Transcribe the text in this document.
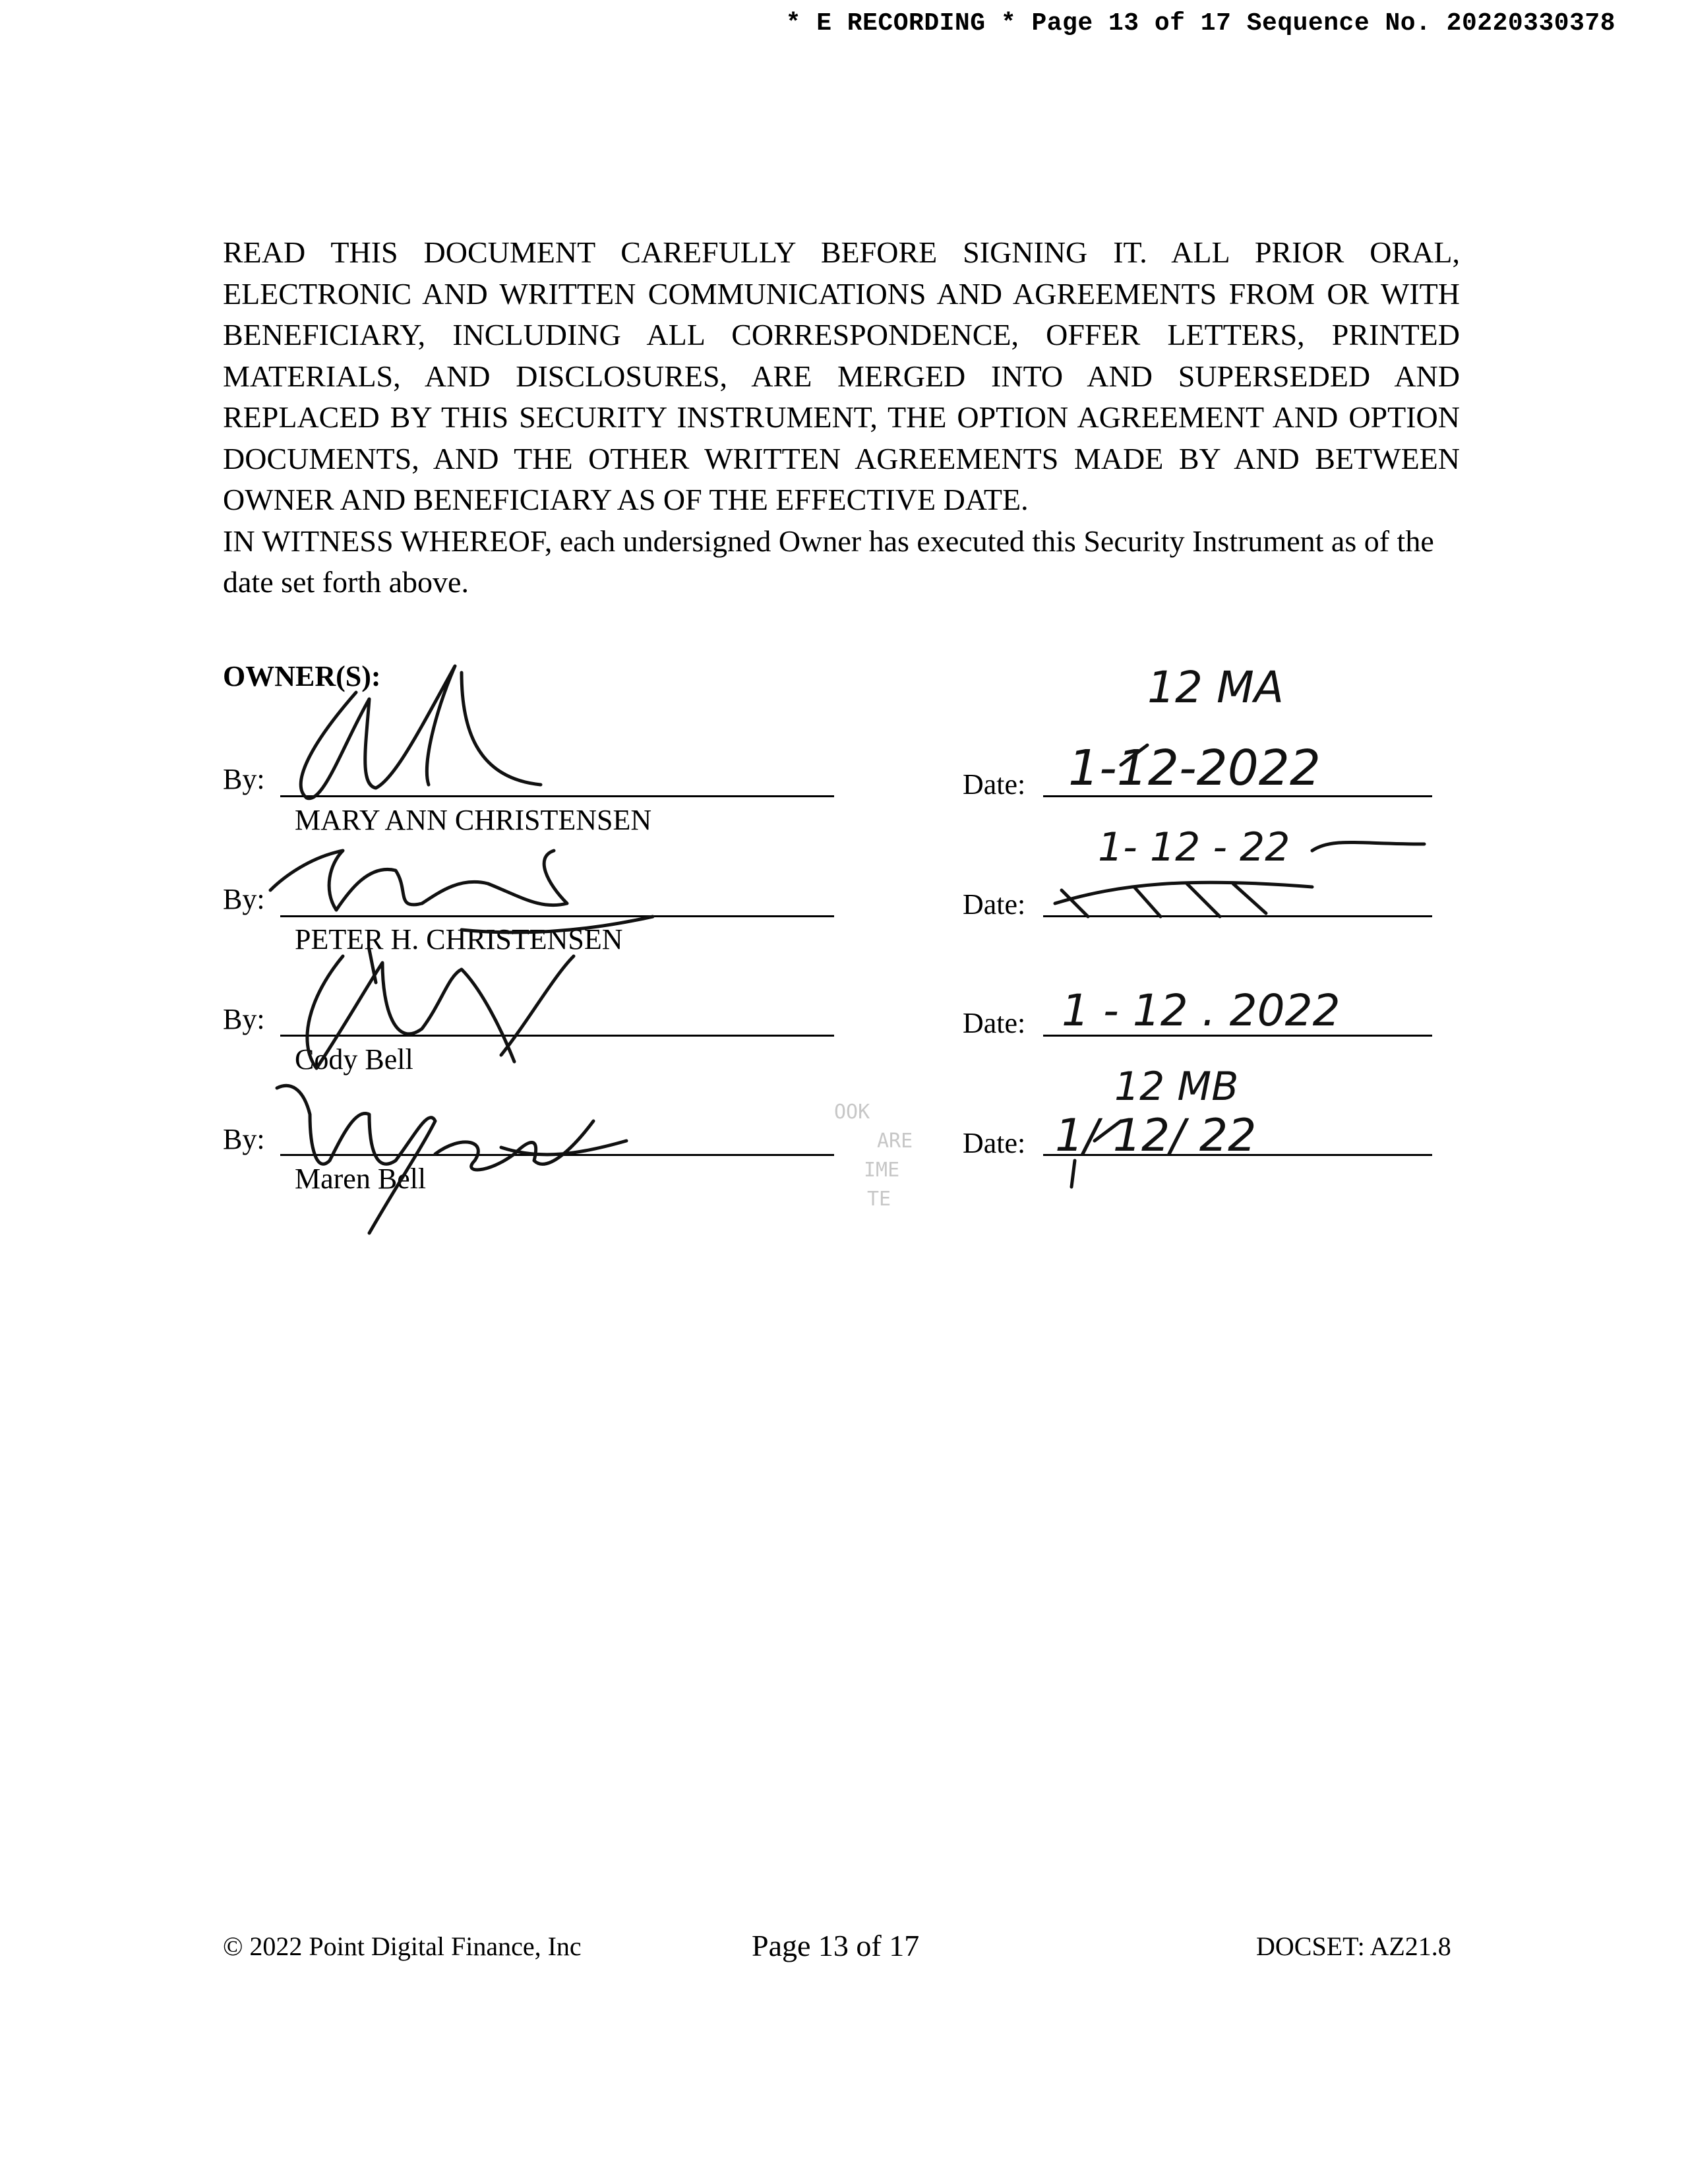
* E RECORDING * Page 13 of 17 Sequence No. 20220330378
READ THIS DOCUMENT CAREFULLY BEFORE SIGNING IT. ALL PRIOR ORAL, ELECTRONIC AND WRITTEN COMMUNICATIONS AND AGREEMENTS FROM OR WITH BENEFICIARY, INCLUDING ALL CORRESPONDENCE, OFFER LETTERS, PRINTED MATERIALS, AND DISCLOSURES, ARE MERGED INTO AND SUPERSEDED AND REPLACED BY THIS SECURITY INSTRUMENT, THE OPTION AGREEMENT AND OPTION DOCUMENTS, AND THE OTHER WRITTEN AGREEMENTS MADE BY AND BETWEEN OWNER AND BENEFICIARY AS OF THE EFFECTIVE DATE.
IN WITNESS WHEREOF, each undersigned Owner has executed this Security Instrument as of the date set forth above.
OWNER(S):
By:
MARY ANN CHRISTENSEN
Date:
By:
PETER H. CHRISTENSEN
Date:
By:
Cody Bell
Date:
By:
Maren Bell
Date:
OOK
ARE
IME
TE
1-12-2022
12 MA
1- 12 - 22
1 - 12 . 2022
12 MB
1/ 12/ 22
© 2022 Point Digital Finance, Inc	Page 13 of 17	DOCSET: AZ21.8
